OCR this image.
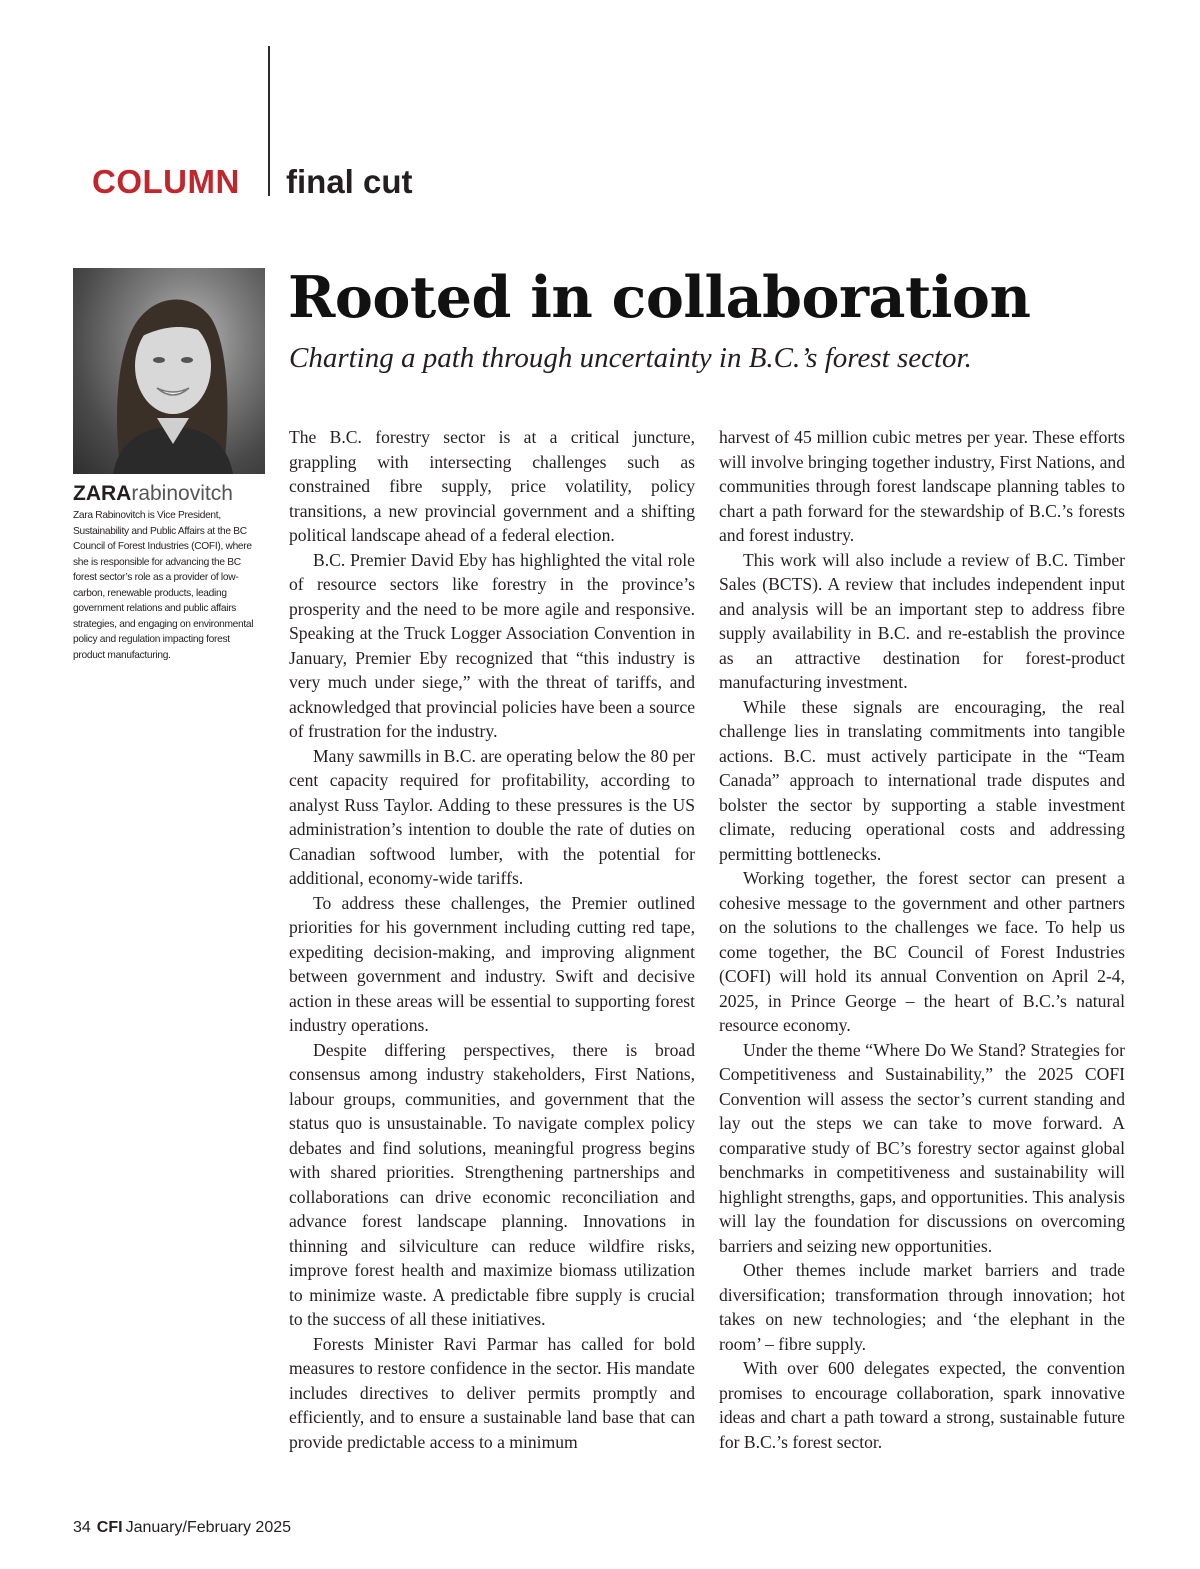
COLUMN final cut
Rooted in collaboration

Charting a path through uncertainty in B.C.’s forest sector.

ZARArabinovitch

Zara Rabinovitch is Vice President, Sustainability and Public Affairs at the BC Council of Forest Industries (COFI), where she is responsible for advancing the BC forest sector’s role as a provider of low-carbon, renewable products, leading government relations and public affairs strategies, and engaging on environmental policy and regulation impacting forest product manufacturing.

The B.C. forestry sector is at a critical juncture, grappling with intersecting challenges such as constrained fibre supply, price volatility, policy transitions, a new provincial government and a shifting political landscape ahead of a federal election.

B.C. Premier David Eby has highlighted the vital role of resource sectors like forestry in the province’s prosperity and the need to be more agile and responsive. Speaking at the Truck Logger Association Convention in January, Premier Eby recognized that “this industry is very much under siege,” with the threat of tariffs, and acknowledged that provincial policies have been a source of frustration for the industry.

Many sawmills in B.C. are operating below the 80 per cent capacity required for profitability, according to analyst Russ Taylor. Adding to these pressures is the US administration’s intention to double the rate of duties on Canadian softwood lumber, with the potential for additional, economy-wide tariffs.

To address these challenges, the Premier outlined priorities for his government including cutting red tape, expediting decision-making, and improving alignment between government and industry. Swift and decisive action in these areas will be essential to supporting forest industry operations.

Despite differing perspectives, there is broad consensus among industry stakeholders, First Nations, labour groups, communities, and government that the status quo is unsustainable. To navigate complex policy debates and find solutions, meaningful progress begins with shared priorities. Strengthening partnerships and collaborations can drive economic reconciliation and advance forest landscape planning. Innovations in thinning and silviculture can reduce wildfire risks, improve forest health and maximize biomass utilization to minimize waste. A predictable fibre supply is crucial to the success of all these initiatives.

Forests Minister Ravi Parmar has called for bold measures to restore confidence in the sector. His mandate includes directives to deliver permits promptly and efficiently, and to ensure a sustainable land base that can provide predictable access to a minimum

harvest of 45 million cubic metres per year. These efforts will involve bringing together industry, First Nations, and communities through forest landscape planning tables to chart a path forward for the stewardship of B.C.’s forests and forest industry.

This work will also include a review of B.C. Timber Sales (BCTS). A review that includes independent input and analysis will be an important step to address fibre supply availability in B.C. and re-establish the province as an attractive destination for forest-product manufacturing investment.

While these signals are encouraging, the real challenge lies in translating commitments into tangible actions. B.C. must actively participate in the “Team Canada” approach to international trade disputes and bolster the sector by supporting a stable investment climate, reducing operational costs and addressing permitting bottlenecks.

Working together, the forest sector can present a cohesive message to the government and other partners on the solutions to the challenges we face. To help us come together, the BC Council of Forest Industries (COFI) will hold its annual Convention on April 2-4, 2025, in Prince George – the heart of B.C.’s natural resource economy.

Under the theme “Where Do We Stand? Strategies for Competitiveness and Sustainability,” the 2025 COFI Convention will assess the sector’s current standing and lay out the steps we can take to move forward. A comparative study of BC’s forestry sector against global benchmarks in competitiveness and sustainability will highlight strengths, gaps, and opportunities. This analysis will lay the foundation for discussions on overcoming barriers and seizing new opportunities.

Other themes include market barriers and trade diversification; transformation through innovation; hot takes on new technologies; and ‘the elephant in the room’ – fibre supply.

With over 600 delegates expected, the convention promises to encourage collaboration, spark innovative ideas and chart a path toward a strong, sustainable future for B.C.’s forest sector.

34 CFI January/February 2025
